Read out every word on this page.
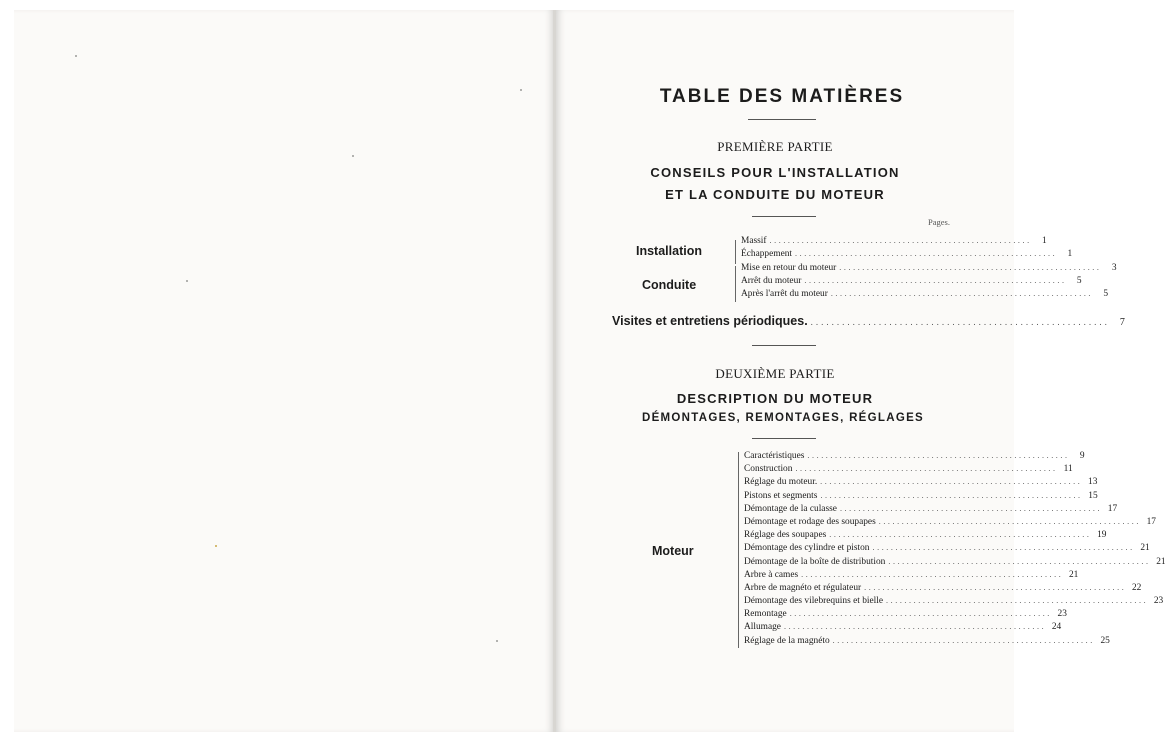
TABLE DES MATIÈRES
PREMIÈRE PARTIE
CONSEILS POUR L'INSTALLATION
ET LA CONDUITE DU MOTEUR
Pages.
Installation
Conduite
Massif .........................................................	1
Échappement .........................................................	1
Mise en retour du moteur .........................................................	3
Arrêt du moteur .........................................................	5
Après l'arrêt du moteur .........................................................	5
Visites et entretiens périodiques. .........................................................	7
DEUXIÈME PARTIE
DESCRIPTION DU MOTEUR
DÉMONTAGES, REMONTAGES, RÉGLAGES
Moteur
Caractéristiques .........................................................	9
Construction ......................................................... 11
Réglage du moteur. ......................................................... 13
Pistons et segments ......................................................... 15
Démontage de la culasse ......................................................... 17
Démontage et rodage des soupapes ......................................................... 17
Réglage des soupapes ......................................................... 19
Démontage des cylindre et piston ......................................................... 21
Démontage de la boîte de distribution ......................................................... 21
Arbre à cames ......................................................... 21
Arbre de magnéto et régulateur ......................................................... 22
Démontage des vilebrequins et bielle ......................................................... 23
Remontage ......................................................... 23
Allumage ......................................................... 24
Réglage de la magnéto ......................................................... 25
